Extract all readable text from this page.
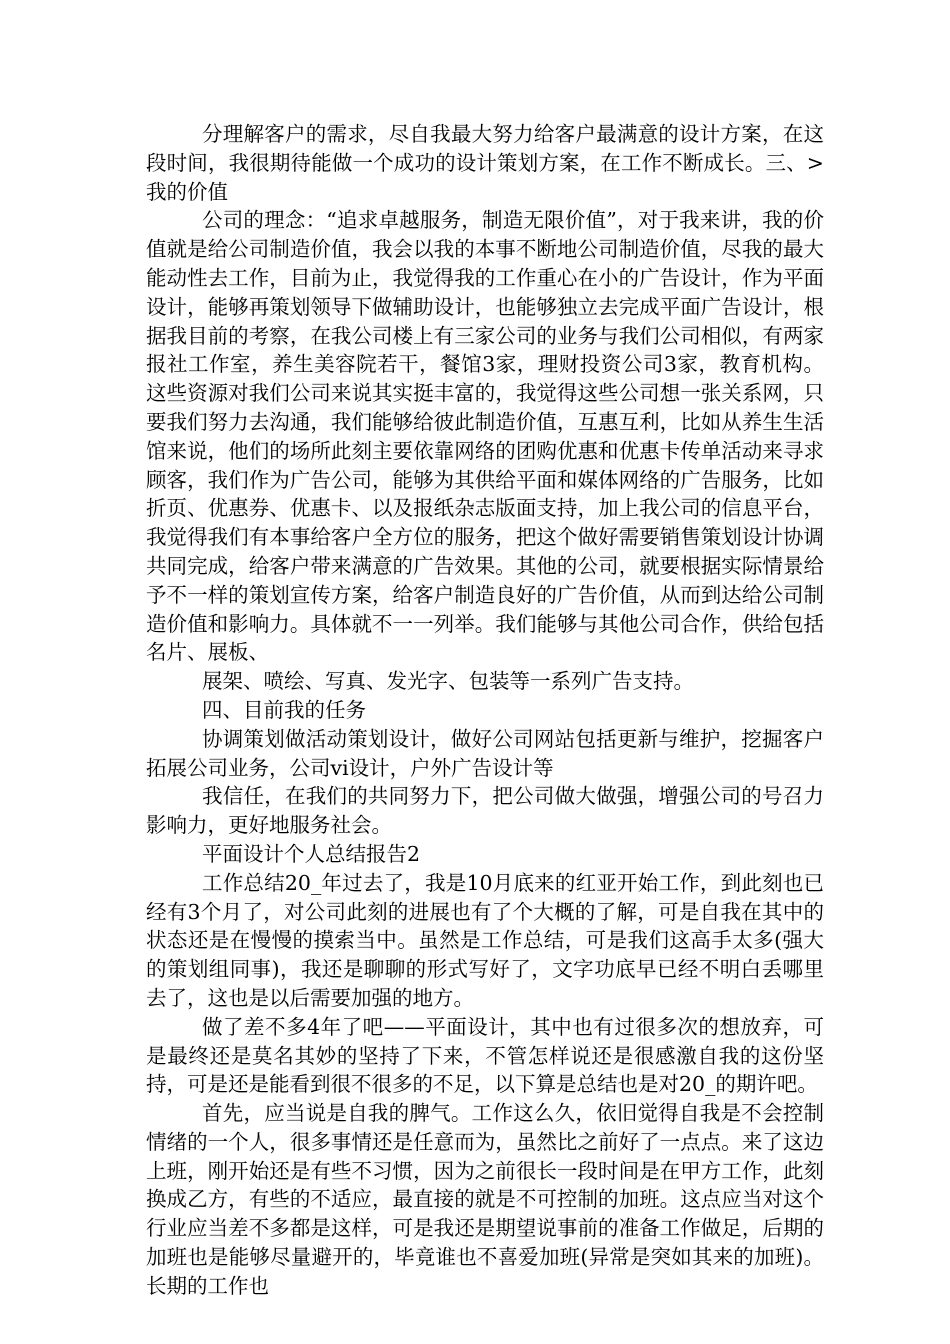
分理解客户的需求，尽自我最大努力给客户最满意的设计方案，在这段时间，我很期待能做一个成功的设计策划方案，在工作不断成长。三、>我的价值

公司的理念：“追求卓越服务，制造无限价值”，对于我来讲，我的价值就是给公司制造价值，我会以我的本事不断地公司制造价值，尽我的最大能动性去工作，目前为止，我觉得我的工作重心在小的广告设计，作为平面设计，能够再策划领导下做辅助设计，也能够独立去完成平面广告设计，根据我目前的考察，在我公司楼上有三家公司的业务与我们公司相似，有两家报社工作室，养生美容院若干，餐馆3家，理财投资公司3家，教育机构。这些资源对我们公司来说其实挺丰富的，我觉得这些公司想一张关系网，只要我们努力去沟通，我们能够给彼此制造价值，互惠互利，比如从养生生活馆来说，他们的场所此刻主要依靠网络的团购优惠和优惠卡传单活动来寻求顾客，我们作为广告公司，能够为其供给平面和媒体网络的广告服务，比如折页、优惠券、优惠卡、以及报纸杂志版面支持，加上我公司的信息平台，我觉得我们有本事给客户全方位的服务，把这个做好需要销售策划设计协调共同完成，给客户带来满意的广告效果。其他的公司，就要根据实际情景给予不一样的策划宣传方案，给客户制造良好的广告价值，从而到达给公司制造价值和影响力。具体就不一一列举。我们能够与其他公司合作，供给包括名片、展板、

展架、喷绘、写真、发光字、包装等一系列广告支持。

四、目前我的任务

协调策划做活动策划设计，做好公司网站包括更新与维护，挖掘客户拓展公司业务，公司vi设计，户外广告设计等

我信任，在我们的共同努力下，把公司做大做强，增强公司的号召力影响力，更好地服务社会。

平面设计个人总结报告2

工作总结20_年过去了，我是10月底来的红亚开始工作，到此刻也已经有3个月了，对公司此刻的进展也有了个大概的了解，可是自我在其中的状态还是在慢慢的摸索当中。虽然是工作总结，可是我们这高手太多(强大的策划组同事)，我还是聊聊的形式写好了，文字功底早已经不明白丢哪里去了，这也是以后需要加强的地方。

做了差不多4年了吧——平面设计，其中也有过很多次的想放弃，可是最终还是莫名其妙的坚持了下来，不管怎样说还是很感激自我的这份坚持，可是还是能看到很不很多的不足，以下算是总结也是对20_的期许吧。

首先，应当说是自我的脾气。工作这么久，依旧觉得自我是不会控制情绪的一个人，很多事情还是任意而为，虽然比之前好了一点点。来了这边上班，刚开始还是有些不习惯，因为之前很长一段时间是在甲方工作，此刻换成乙方，有些的不适应，最直接的就是不可控制的加班。这点应当对这个行业应当差不多都是这样，可是我还是期望说事前的准备工作做足，后期的加班也是能够尽量避开的，毕竟谁也不喜爱加班(异常是突如其来的加班)。长期的工作也
